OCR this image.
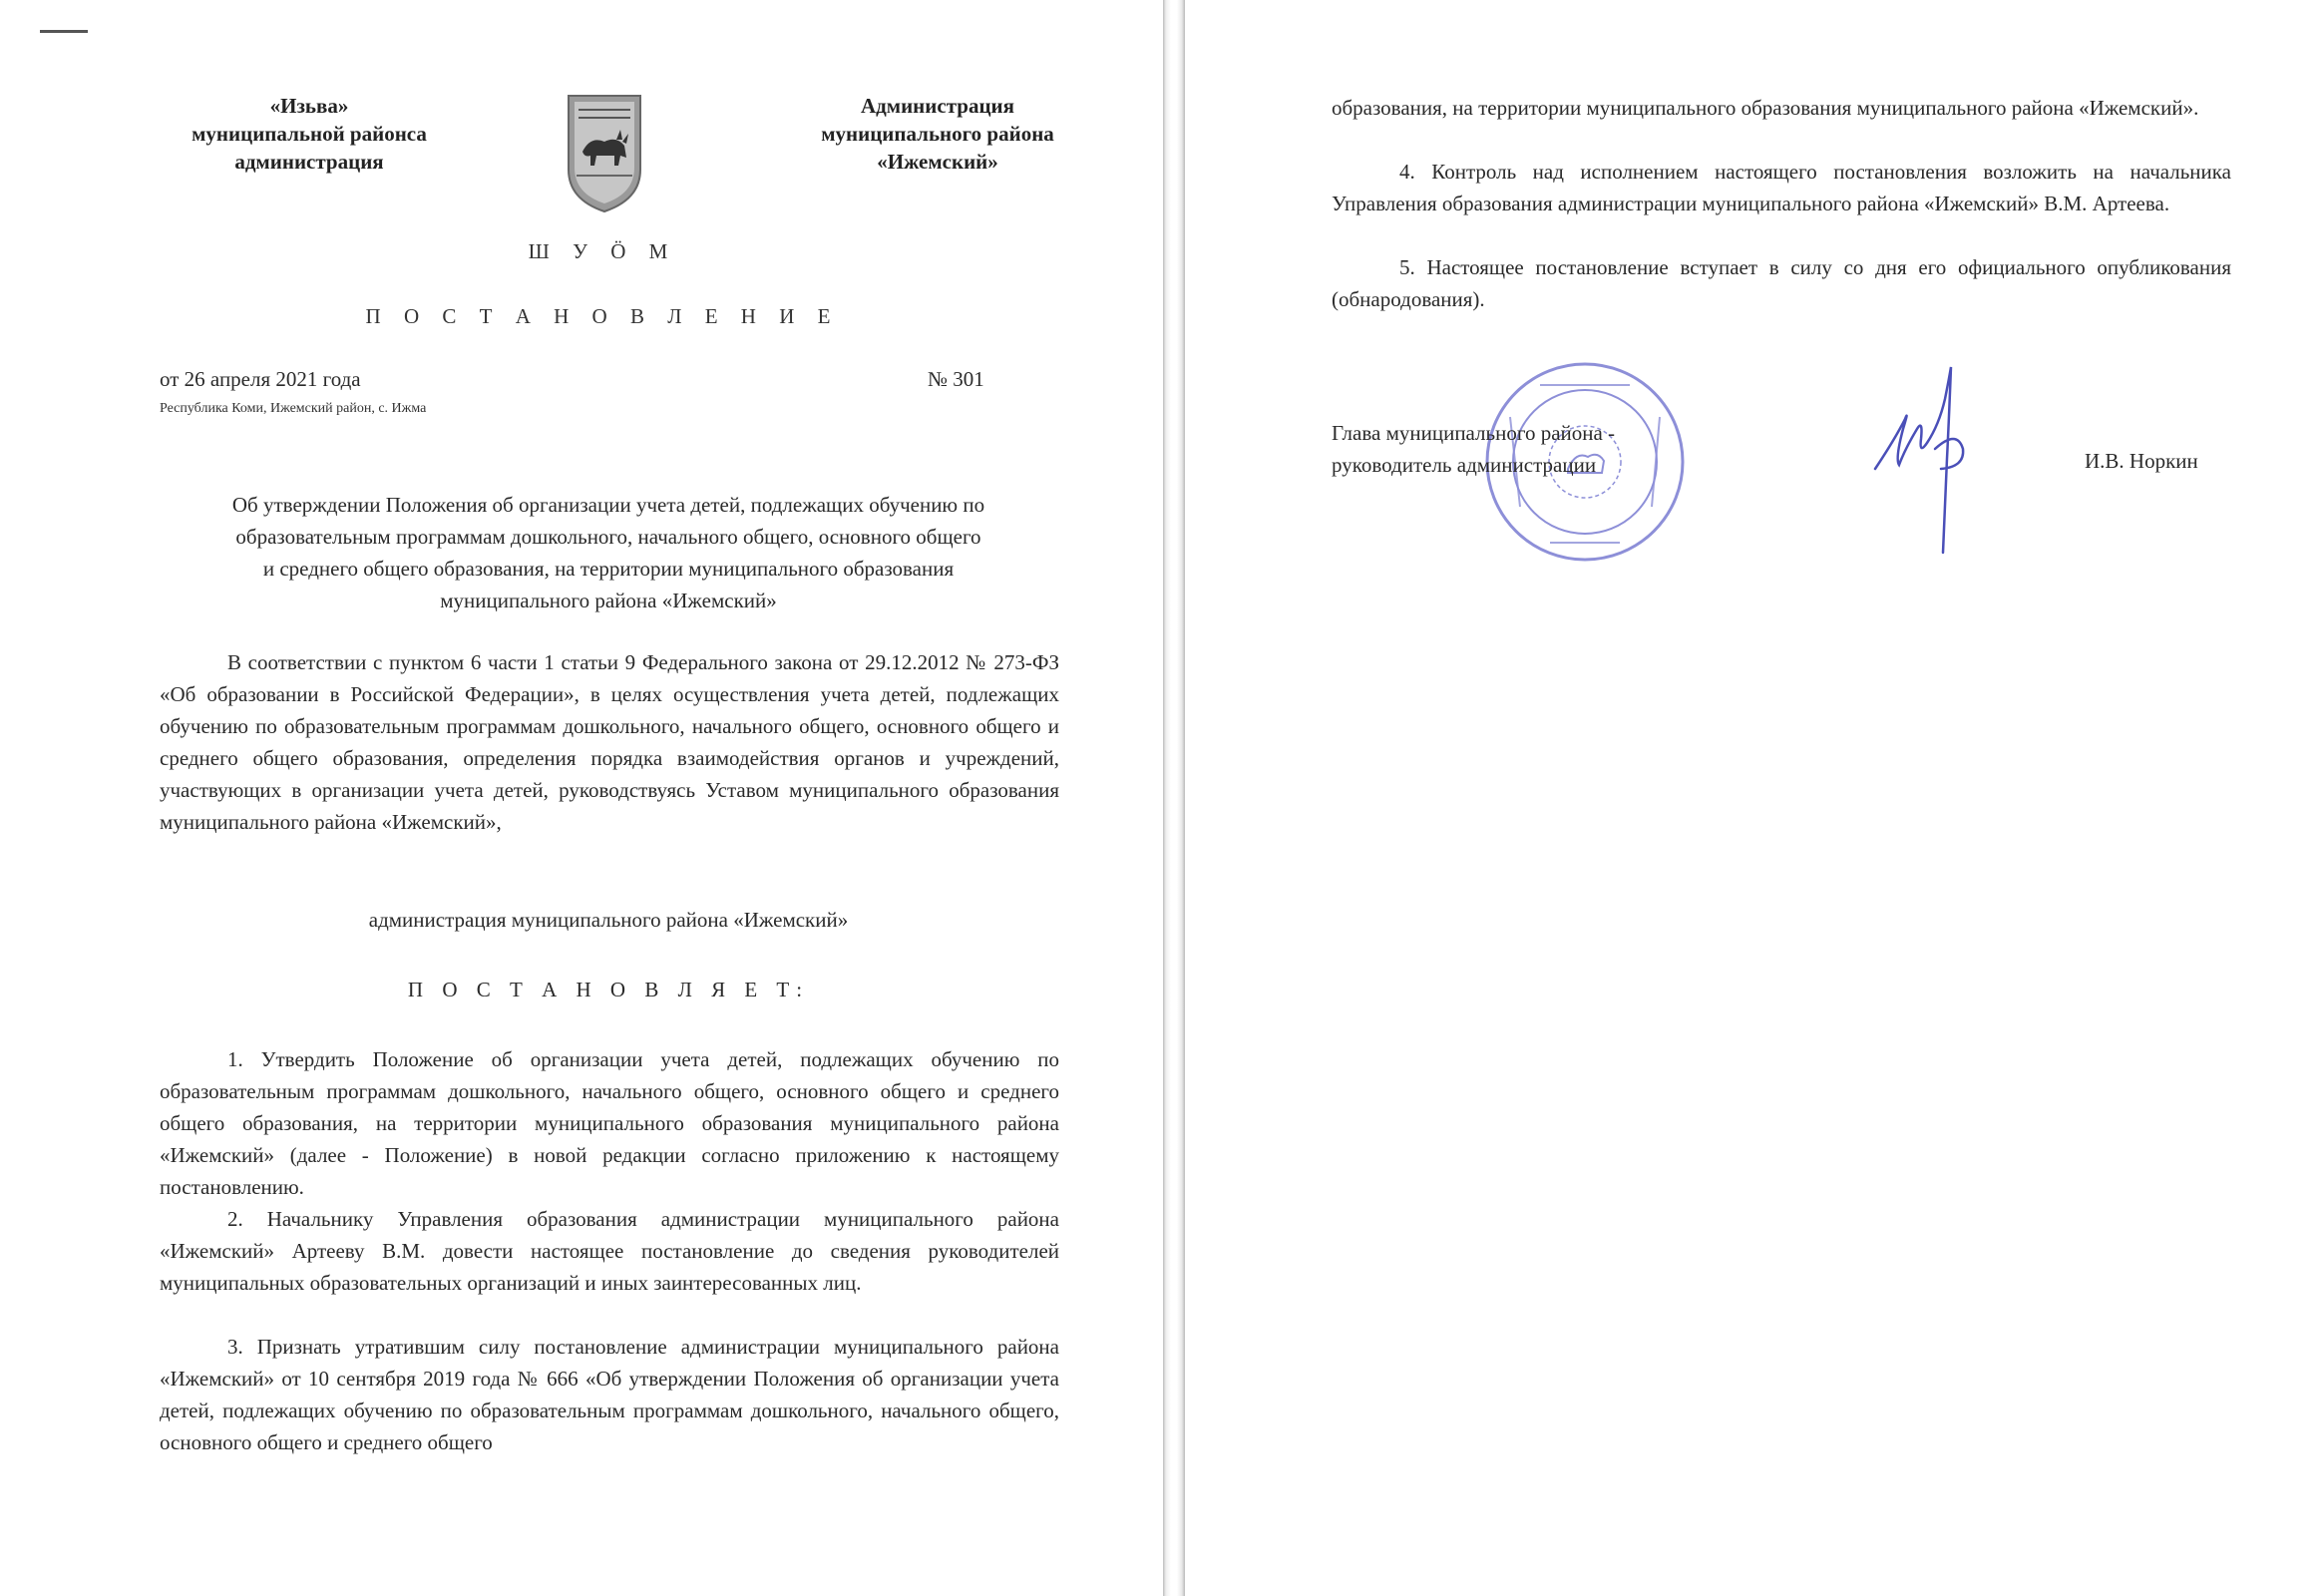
«Изьва»
муниципальной районса
администрация
Администрация
муниципального района
«Ижемский»
Ш У Ö М
П О С Т А Н О В Л Е Н И Е
от 26 апреля 2021 года	№ 301
Республика Коми, Ижемский район, с. Ижма
Об утверждении Положения об организации учета детей, подлежащих обучению по
образовательным программам дошкольного, начального общего, основного общего
и среднего общего образования, на территории муниципального образования
муниципального района «Ижемский»
В соответствии с пунктом 6 части 1 статьи 9 Федерального закона от 29.12.2012 № 273-ФЗ «Об образовании в Российской Федерации», в целях осуществления учета детей, подлежащих обучению по образовательным программам дошкольного, начального общего, основного общего и среднего общего образования, определения порядка взаимодействия органов и учреждений, участвующих в организации учета детей, руководствуясь Уставом муниципального образования муниципального района «Ижемский»,
администрация муниципального района «Ижемский»
П О С Т А Н О В Л Я Е Т:
1. Утвердить Положение об организации учета детей, подлежащих обучению по образовательным программам дошкольного, начального общего, основного общего и среднего общего образования, на территории муниципального образования муниципального района «Ижемский» (далее - Положение) в новой редакции согласно приложению к настоящему постановлению.
2. Начальнику Управления образования администрации муниципального района «Ижемский» Артееву В.М. довести настоящее постановление до сведения руководителей муниципальных образовательных организаций и иных заинтересованных лиц.
3. Признать утратившим силу постановление администрации муниципального района «Ижемский» от 10 сентября 2019 года № 666 «Об утверждении Положения об организации учета детей, подлежащих обучению по образовательным программам дошкольного, начального общего, основного общего и среднего общего
образования, на территории муниципального образования муниципального района «Ижемский».
4. Контроль над исполнением настоящего постановления возложить на начальника Управления образования администрации муниципального района «Ижемский» В.М. Артеева.
5. Настоящее постановление вступает в силу со дня его официального опубликования (обнародования).
Глава муниципального района -
руководитель администрации	И.В. Норкин
